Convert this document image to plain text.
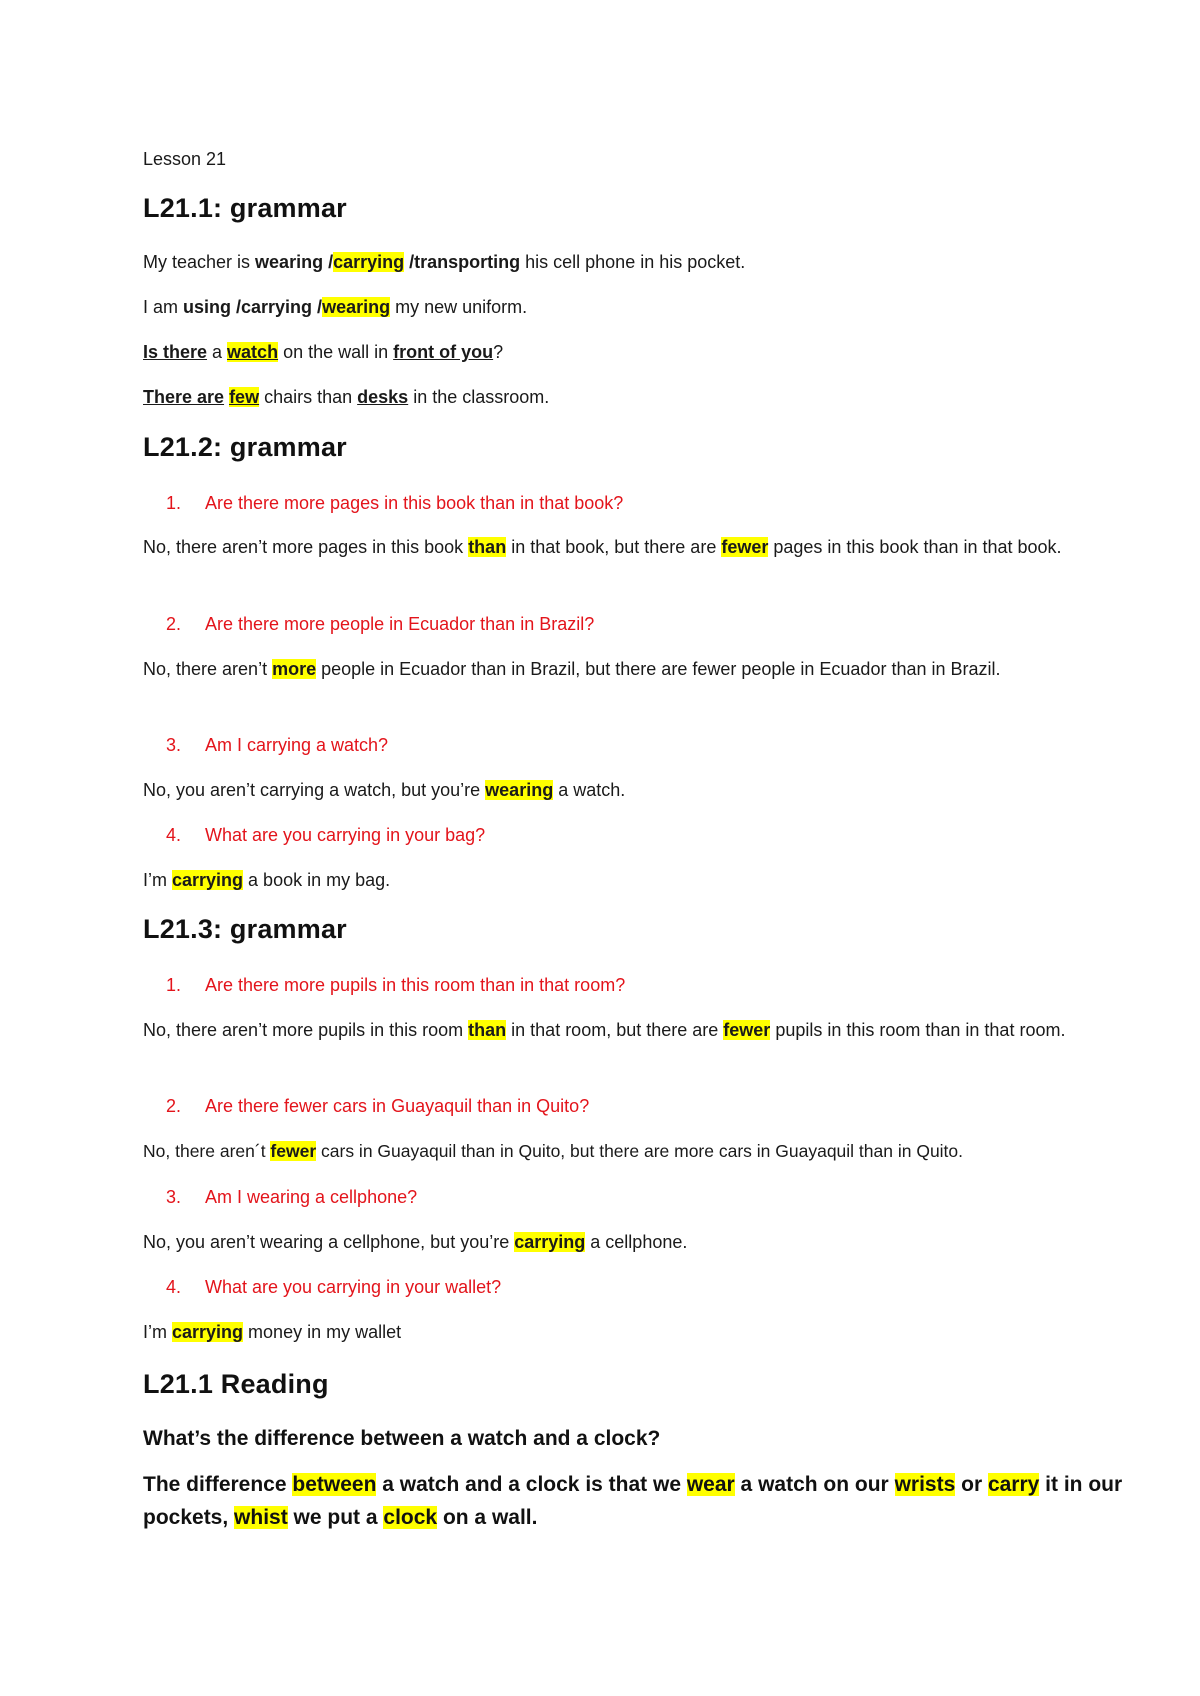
Lesson 21
L21.1: grammar
My teacher is wearing /carrying /transporting his cell phone in his pocket.
I am using /carrying /wearing my new uniform.
Is there a watch on the wall in front of you?
There are few chairs than desks in the classroom.
L21.2: grammar
1. Are there more pages in this book than in that book?
No, there aren’t more pages in this book than in that book, but there are fewer pages in this book than in that book.
2. Are there more people in Ecuador than in Brazil?
No, there aren’t more people in Ecuador than in Brazil, but there are fewer people in Ecuador than in Brazil.
3. Am I carrying a watch?
No, you aren’t carrying a watch, but you’re wearing a watch.
4. What are you carrying in your bag?
I’m carrying a book in my bag.
L21.3: grammar
1. Are there more pupils in this room than in that room?
No, there aren’t more pupils in this room than in that room, but there are fewer pupils in this room than in that room.
2. Are there fewer cars in Guayaquil than in Quito?
No, there aren´t fewer cars in Guayaquil than in Quito, but there are more cars in Guayaquil than in Quito.
3. Am I wearing a cellphone?
No, you aren’t wearing a cellphone, but you’re carrying a cellphone.
4. What are you carrying in your wallet?
I’m carrying money in my wallet
L21.1 Reading
What’s the difference between a watch and a clock?
The difference between a watch and a clock is that we wear a watch on our wrists or carry it in our pockets, whist we put a clock on a wall.
